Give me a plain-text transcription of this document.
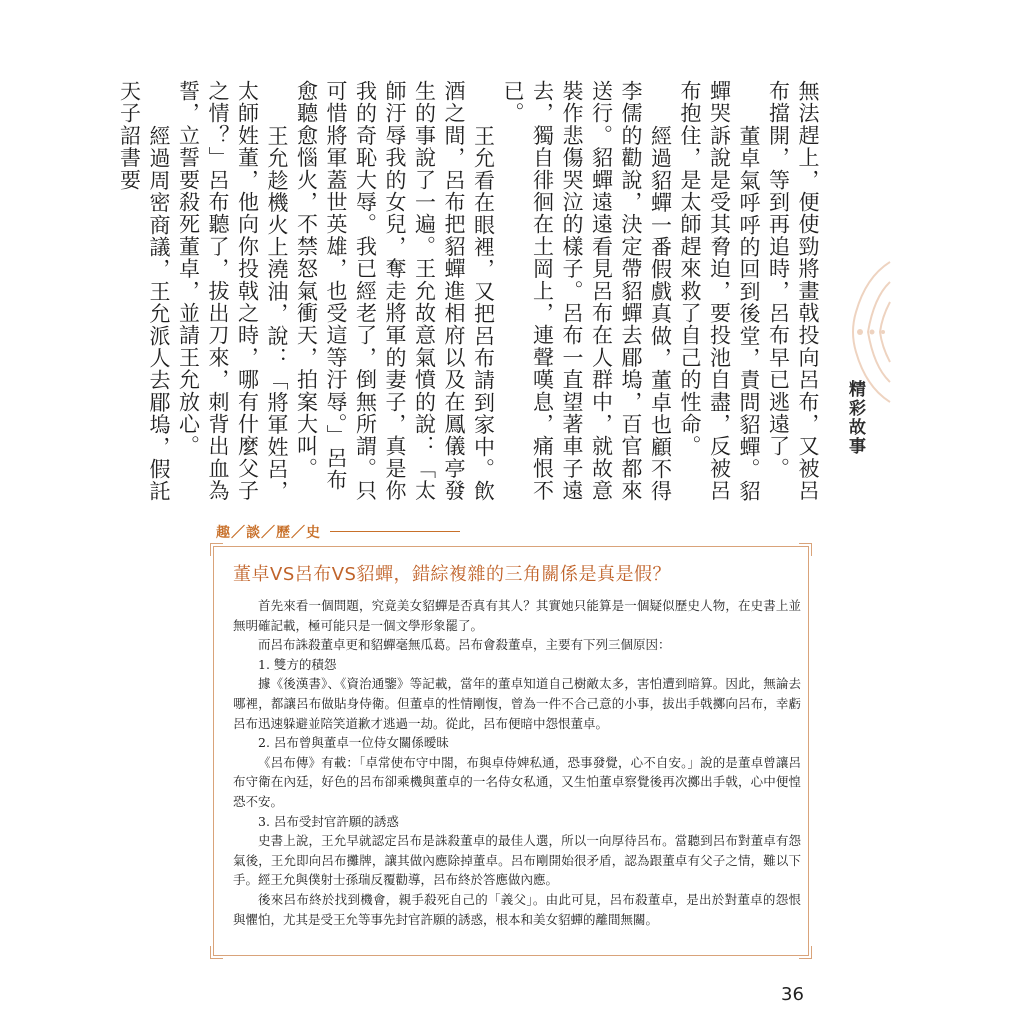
無法趕上，便使勁將畫戟投向呂布，又被呂布擋開，等到再追時，呂布早已逃遠了。

董卓氣呼呼的回到後堂，責問貂蟬。貂蟬哭訴說是受其脅迫，要投池自盡，反被呂布抱住，是太師趕來救了自己的性命。

經過貂蟬一番假戲真做，董卓也顧不得李儒的勸說，決定帶貂蟬去郿塢，百官都來送行。貂蟬遠遠看見呂布在人群中，就故意裝作悲傷哭泣的樣子。呂布一直望著車子遠去，獨自徘徊在土岡上，連聲嘆息，痛恨不已。

王允看在眼裡，又把呂布請到家中。飲酒之間，呂布把貂蟬進相府以及在鳳儀亭發生的事說了一遍。王允故意氣憤的說：「太師汙辱我的女兒，奪走將軍的妻子，真是你我的奇恥大辱。我已經老了，倒無所謂。只可惜將軍蓋世英雄，也受這等汙辱。」呂布愈聽愈惱火，不禁怒氣衝天，拍案大叫。

王允趁機火上澆油，說：「將軍姓呂，太師姓董，他向你投戟之時，哪有什麼父子之情？」呂布聽了，拔出刀來，刺背出血為誓，立誓要殺死董卓，並請王允放心。

經過周密商議，王允派人去郿塢，假託天子詔書要

精彩故事
趣／談／歷／史
董卓VS呂布VS貂蟬，錯綜複雜的三角關係是真是假？

首先來看一個問題，究竟美女貂蟬是否真有其人？其實她只能算是一個疑似歷史人物，在史書上並無明確記載，極可能只是一個文學形象罷了。

而呂布誅殺董卓更和貂蟬毫無瓜葛。呂布會殺董卓，主要有下列三個原因：

1. 雙方的積怨

據《後漢書》、《資治通鑒》等記載，當年的董卓知道自己樹敵太多，害怕遭到暗算。因此，無論去哪裡，都讓呂布做貼身侍衛。但董卓的性情剛愎，曾為一件不合己意的小事，拔出手戟擲向呂布，幸虧呂布迅速躲避並陪笑道歉才逃過一劫。從此，呂布便暗中怨恨董卓。

2. 呂布曾與董卓一位侍女關係曖昧

《呂布傳》有載：「卓常使布守中閤，布與卓侍婢私通，恐事發覺，心不自安。」說的是董卓曾讓呂布守衛在內廷，好色的呂布卻乘機與董卓的一名侍女私通，又生怕董卓察覺後再次擲出手戟，心中便惶恐不安。

3. 呂布受封官許願的誘惑

史書上說，王允早就認定呂布是誅殺董卓的最佳人選，所以一向厚待呂布。當聽到呂布對董卓有怨氣後，王允即向呂布攤牌，讓其做內應除掉董卓。呂布剛開始很矛盾，認為跟董卓有父子之情，難以下手。經王允與僕射士孫瑞反覆勸導，呂布終於答應做內應。

後來呂布終於找到機會，親手殺死自己的「義父」。由此可見，呂布殺董卓，是出於對董卓的怨恨與懼怕，尤其是受王允等事先封官許願的誘惑，根本和美女貂蟬的離間無關。

36
